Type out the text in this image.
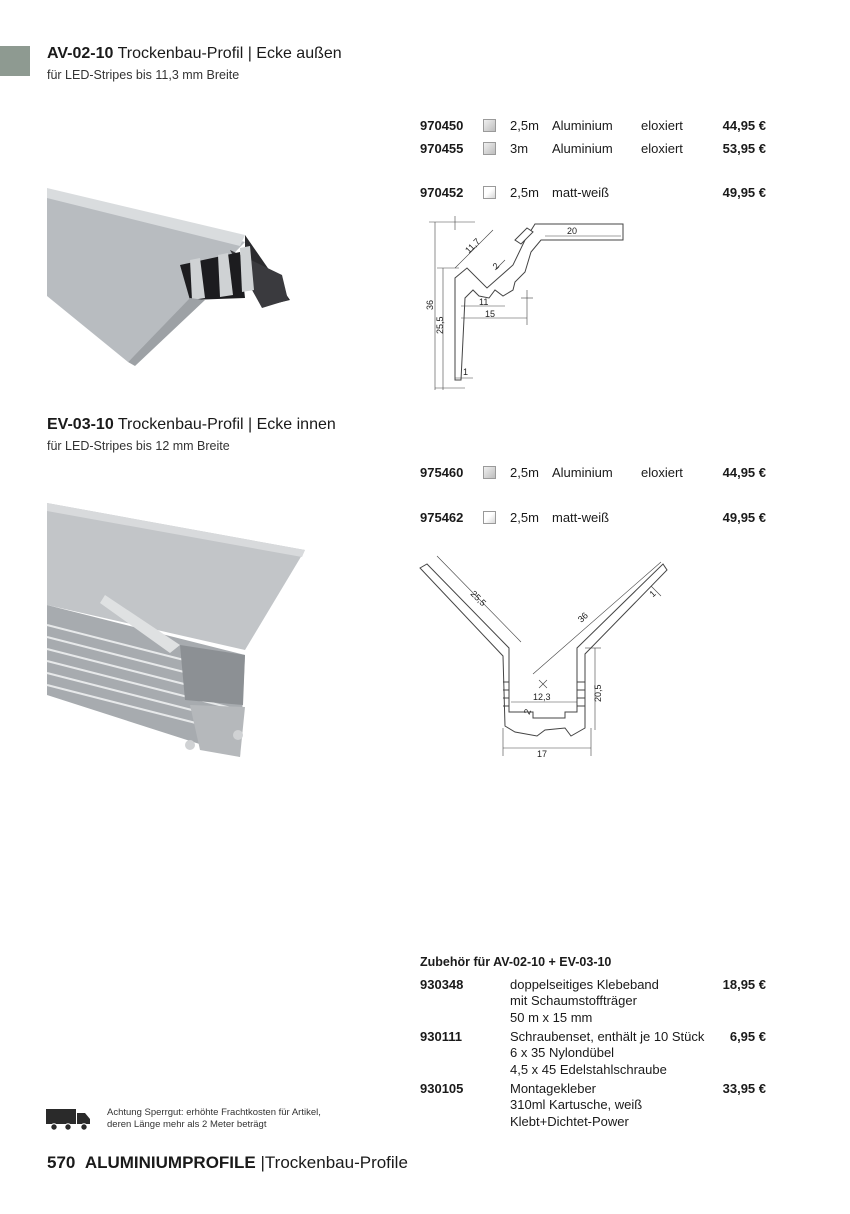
AV-02-10 Trockenbau-Profil | Ecke außen
für LED-Stripes bis 11,3 mm Breite
970450	2,5m Aluminium eloxiert	44,95 €
970455	3m Aluminium eloxiert	53,95 €
970452	2,5m matt-weiß	49,95 €
11,7
20
2
36
25,5
11
15
1
EV-03-10 Trockenbau-Profil | Ecke innen
für LED-Stripes bis 12 mm Breite
975460	2,5m Aluminium eloxiert	44,95 €
975462	2,5m matt-weiß	49,95 €
25,5
36
1
12,3
2
20,5
17
Zubehör für AV-02-10 + EV-03-10
930348	doppelseitiges Klebeband
mit Schaumstoffträger
50 m x 15 mm
18,95 €
930111	Schraubenset, enthält je 10 Stück
6 x 35 Nylondübel
4,5 x 45 Edelstahlschraube
6,95 €
930105	Montagekleber
310ml Kartusche, weiß
Klebt+Dichtet-Power
33,95 €
Achtung Sperrgut: erhöhte Frachtkosten für Artikel,
deren Länge mehr als 2 Meter beträgt
570 ALUMINIUMPROFILE |Trockenbau-Profile
